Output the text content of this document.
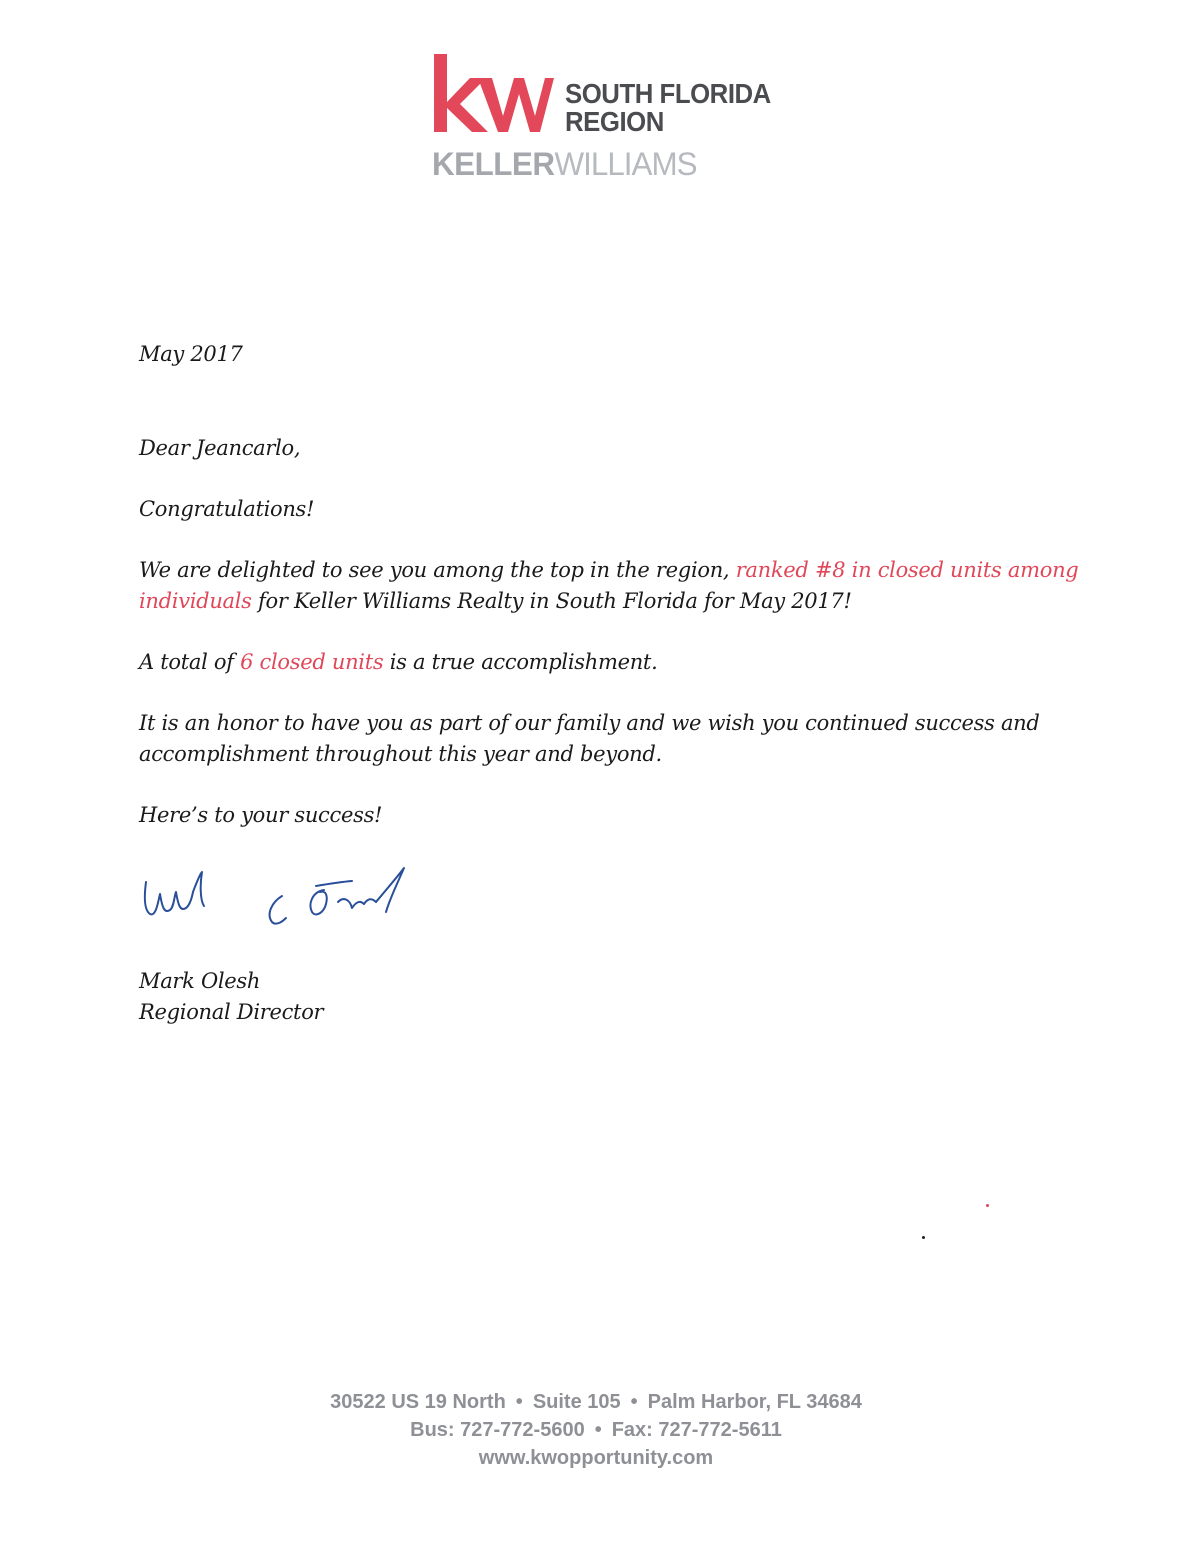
SOUTH FLORIDA
REGION
KELLERWILLIAMS
May 2017
Dear Jeancarlo,
Congratulations!
We are delighted to see you among the top in the region, ranked #8 in closed units among
individuals for Keller Williams Realty in South Florida for May 2017!
A total of 6 closed units is a true accomplishment.
It is an honor to have you as part of our family and we wish you continued success and
accomplishment throughout this year and beyond.
Here’s to your success!
Mark Olesh
Regional Director
30522 US 19 North • Suite 105 • Palm Harbor, FL 34684
Bus: 727-772-5600 • Fax: 727-772-5611
www.kwopportunity.com
